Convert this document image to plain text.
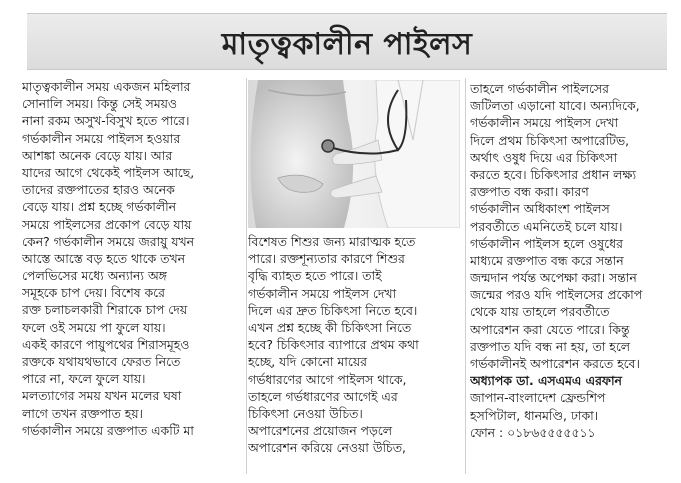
মাতৃত্বকালীন পাইলস
মাতৃত্বকালীন সময় একজন মহিলার
সোনালি সময়। কিন্তু সেই সময়ও
নানা রকম অসুখ-বিসুখ হতে পারে।
গর্ভকালীন সময়ে পাইলস হওয়ার
আশঙ্কা অনেক বেড়ে যায়। আর
যাদের আগে থেকেই পাইলস আছে,
তাদের রক্তপাতের হারও অনেক
বেড়ে যায়। প্রশ্ন হচ্ছে গর্ভকালীন
সময়ে পাইলসের প্রকোপ বেড়ে যায়
কেন? গর্ভকালীন সময়ে জরায়ু যখন
আস্তে আস্তে বড় হতে থাকে তখন
পেলভিসের মধ্যে অন্যান্য অঙ্গ
সমূহকে চাপ দেয়। বিশেষ করে
রক্ত চলাচলকারী শিরাকে চাপ দেয়
ফলে ওই সময়ে পা ফুলে যায়।
একই কারণে পায়ুপথের শিরাসমূহও
রক্তকে যথাযথভাবে ফেরত নিতে
পারে না, ফলে ফুলে যায়।
মলত্যাগের সময় যখন মলের ঘষা
লাগে তখন রক্তপাত হয়।
গর্ভকালীন সময়ে রক্তপাত একটি মা
বিশেষত শিশুর জন্য মারাত্মক হতে
পারে। রক্তশূন্যতার কারণে শিশুর
বৃদ্ধি ব্যাহত হতে পারে। তাই
গর্ভকালীন সময়ে পাইলস দেখা
দিলে এর দ্রুত চিকিৎসা নিতে হবে।
এখন প্রশ্ন হচ্ছে কী চিকিৎসা নিতে
হবে? চিকিৎসার ব্যাপারে প্রথম কথা
হচ্ছে, যদি কোনো মায়ের
গর্ভধারণের আগে পাইলস থাকে,
তাহলে গর্ভধারণের আগেই এর
চিকিৎসা নেওয়া উচিত।
অপারেশনের প্রয়োজন পড়লে
অপারেশন করিয়ে নেওয়া উচিত,
তাহলে গর্ভকালীন পাইলসের
জটিলতা এড়ানো যাবে। অন্যদিকে,
গর্ভকালীন সময়ে পাইলস দেখা
দিলে প্রথম চিকিৎসা অপারেটিভ,
অর্থাৎ ওষুধ দিয়ে এর চিকিৎসা
করতে হবে। চিকিৎসার প্রধান লক্ষ্য
রক্তপাত বন্ধ করা। কারণ
গর্ভকালীন অধিকাংশ পাইলস
পরবর্তীতে এমনিতেই চলে যায়।
গর্ভকালীন পাইলস হলে ওষুধের
মাধ্যমে রক্তপাত বন্ধ করে সন্তান
জন্মদান পর্যন্ত অপেক্ষা করা। সন্তান
জন্মের পরও যদি পাইলসের প্রকোপ
থেকে যায় তাহলে পরবর্তীতে
অপারেশন করা যেতে পারে। কিন্তু
রক্তপাত যদি বন্ধ না হয়, তা হলে
গর্ভকালীনই অপারেশন করতে হবে।
অধ্যাপক ডা. এসএমএ এরফান
জাপান-বাংলাদেশ ফ্রেন্ডশিপ
হসপিটাল, ধানমণ্ডি, ঢাকা।
ফোন : ০১৮৬৫৫৫৫৫১১
